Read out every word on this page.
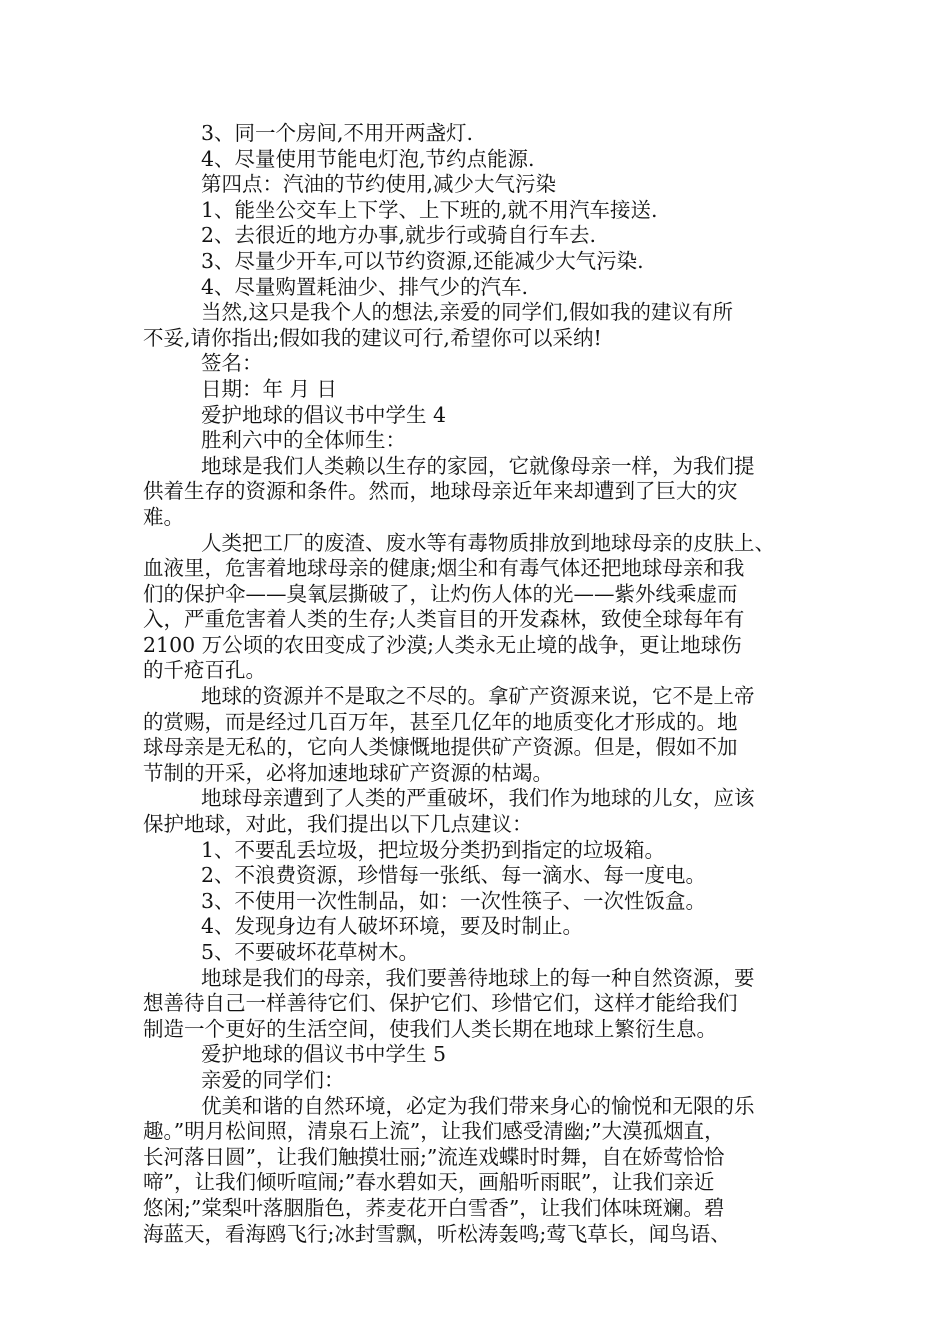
3、同一个房间,不用开两盏灯.
4、尽量使用节能电灯泡,节约点能源.
第四点：汽油的节约使用,减少大气污染
1、能坐公交车上下学、上下班的,就不用汽车接送.
2、去很近的地方办事,就步行或骑自行车去.
3、尽量少开车,可以节约资源,还能减少大气污染.
4、尽量购置耗油少、排气少的汽车.
当然,这只是我个人的想法,亲爱的同学们,假如我的建议有所
不妥,请你指出;假如我的建议可行,希望你可以采纳!
签名：
日期：年 月 日
爱护地球的倡议书中学生 4
胜利六中的全体师生：
地球是我们人类赖以生存的家园，它就像母亲一样，为我们提
供着生存的资源和条件。然而，地球母亲近年来却遭到了巨大的灾
难。
人类把工厂的废渣、废水等有毒物质排放到地球母亲的皮肤上、
血液里，危害着地球母亲的健康;烟尘和有毒气体还把地球母亲和我
们的保护伞——臭氧层撕破了，让灼伤人体的光——紫外线乘虚而
入，严重危害着人类的生存;人类盲目的开发森林，致使全球每年有
2100 万公顷的农田变成了沙漠;人类永无止境的战争，更让地球伤
的千疮百孔。
地球的资源并不是取之不尽的。拿矿产资源来说，它不是上帝
的赏赐，而是经过几百万年，甚至几亿年的地质变化才形成的。地
球母亲是无私的，它向人类慷慨地提供矿产资源。但是，假如不加
节制的开采，必将加速地球矿产资源的枯竭。
地球母亲遭到了人类的严重破坏，我们作为地球的儿女，应该
保护地球，对此，我们提出以下几点建议：
1、不要乱丢垃圾，把垃圾分类扔到指定的垃圾箱。
2、不浪费资源，珍惜每一张纸、每一滴水、每一度电。
3、不使用一次性制品，如：一次性筷子、一次性饭盒。
4、发现身边有人破坏环境，要及时制止。
5、不要破坏花草树木。
地球是我们的母亲，我们要善待地球上的每一种自然资源，要
想善待自己一样善待它们、保护它们、珍惜它们，这样才能给我们
制造一个更好的生活空间，使我们人类长期在地球上繁衍生息。
爱护地球的倡议书中学生 5
亲爱的同学们：
优美和谐的自然环境，必定为我们带来身心的愉悦和无限的乐
趣。”明月松间照，清泉石上流”，让我们感受清幽;”大漠孤烟直，
长河落日圆”，让我们触摸壮丽;”流连戏蝶时时舞，自在娇莺恰恰
啼”，让我们倾听喧闹;”春水碧如天，画船听雨眠”，让我们亲近
悠闲;”棠梨叶落胭脂色，荞麦花开白雪香”，让我们体味斑斓。碧
海蓝天，看海鸥飞行;冰封雪飘，听松涛轰鸣;莺飞草长，闻鸟语、
